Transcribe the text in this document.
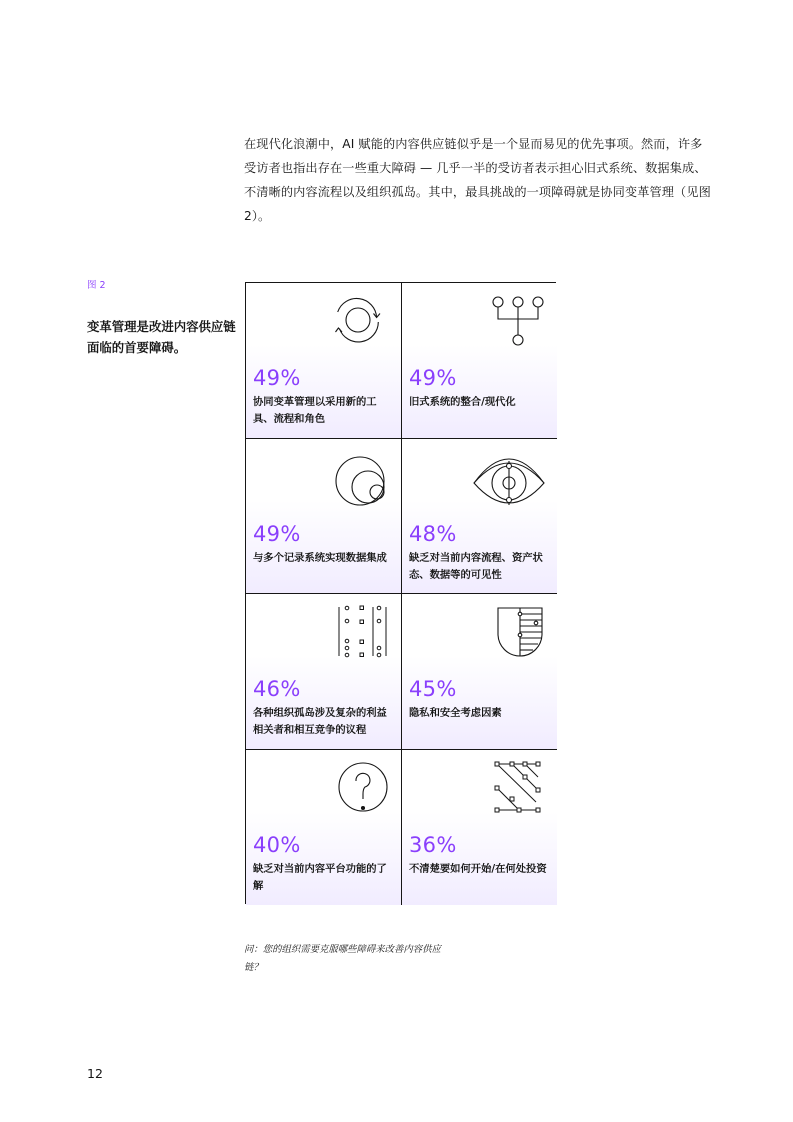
在现代化浪潮中，AI 赋能的内容供应链似乎是一个显而易见的优先事项。然而，许多受访者也指出存在一些重大障碍 — 几乎一半的受访者表示担心旧式系统、数据集成、不清晰的内容流程以及组织孤岛。其中，最具挑战的一项障碍就是协同变革管理（见图 2）。

图 2

变革管理是改进内容供应链面临的首要障碍。

49%
协同变革管理以采用新的工具、流程和角色
49%
旧式系统的整合/现代化
49%
与多个记录系统实现数据集成
48%
缺乏对当前内容流程、资产状态、数据等的可见性
46%
各种组织孤岛涉及复杂的利益相关者和相互竞争的议程
45%
隐私和安全考虑因素
40%
缺乏对当前内容平台功能的了解
36%
不清楚要如何开始/在何处投资

问：您的组织需要克服哪些障碍来改善内容供应链？

12
